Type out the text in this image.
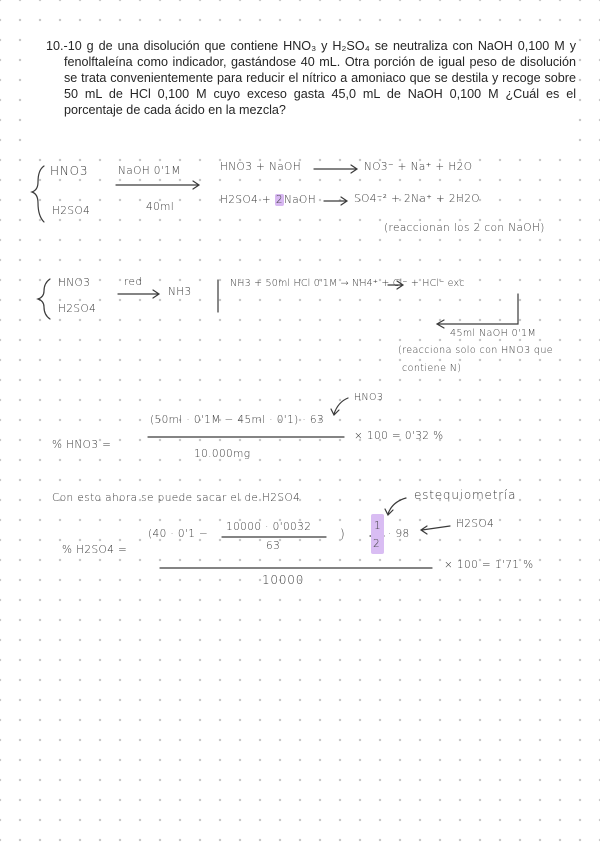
10.-10 g de una disolución que contiene HNO₃ y H₂SO₄ se neutraliza con NaOH 0,100 M y fenolftaleína como indicador, gastándose 40 mL. Otra porción de igual peso de disolución se trata convenientemente para reducir el nítrico a amoniaco que se destila y recoge sobre 50 mL de HCl 0,100 M cuyo exceso gasta 45,0 mL de NaOH 0,100 M ¿Cuál es el porcentaje de cada ácido en la mezcla?

HNO3
H2SO4
NaOH 0'1M
40ml
HNO3 + NaOH	NO3⁻ + Na⁺ + H2O
H2SO4 + 2NaOH	SO4⁻² + 2Na⁺ + 2H2O
(reaccionan los 2 con NaOH)
HNO3
H2SO4
red
NH3
NH3 + 50ml HCl 0'1M → NH4⁺ + Cl⁻ + HCl⁻ exc
45ml NaOH 0'1M
(reacciona solo con HNO3 que
contiene N)
HNO3
% HNO3 =
(50ml · 0'1M − 45ml · 0'1) · 63
10.000mg
× 100 = 0'32 %
Con esto ahora se puede sacar el de H2SO4	estequiometría
H2SO4
% H2SO4 =
(40 · 0'1 −
10000 · 0'0032
63
)
1
2
· 98
10000
× 100 = 1'71 %
